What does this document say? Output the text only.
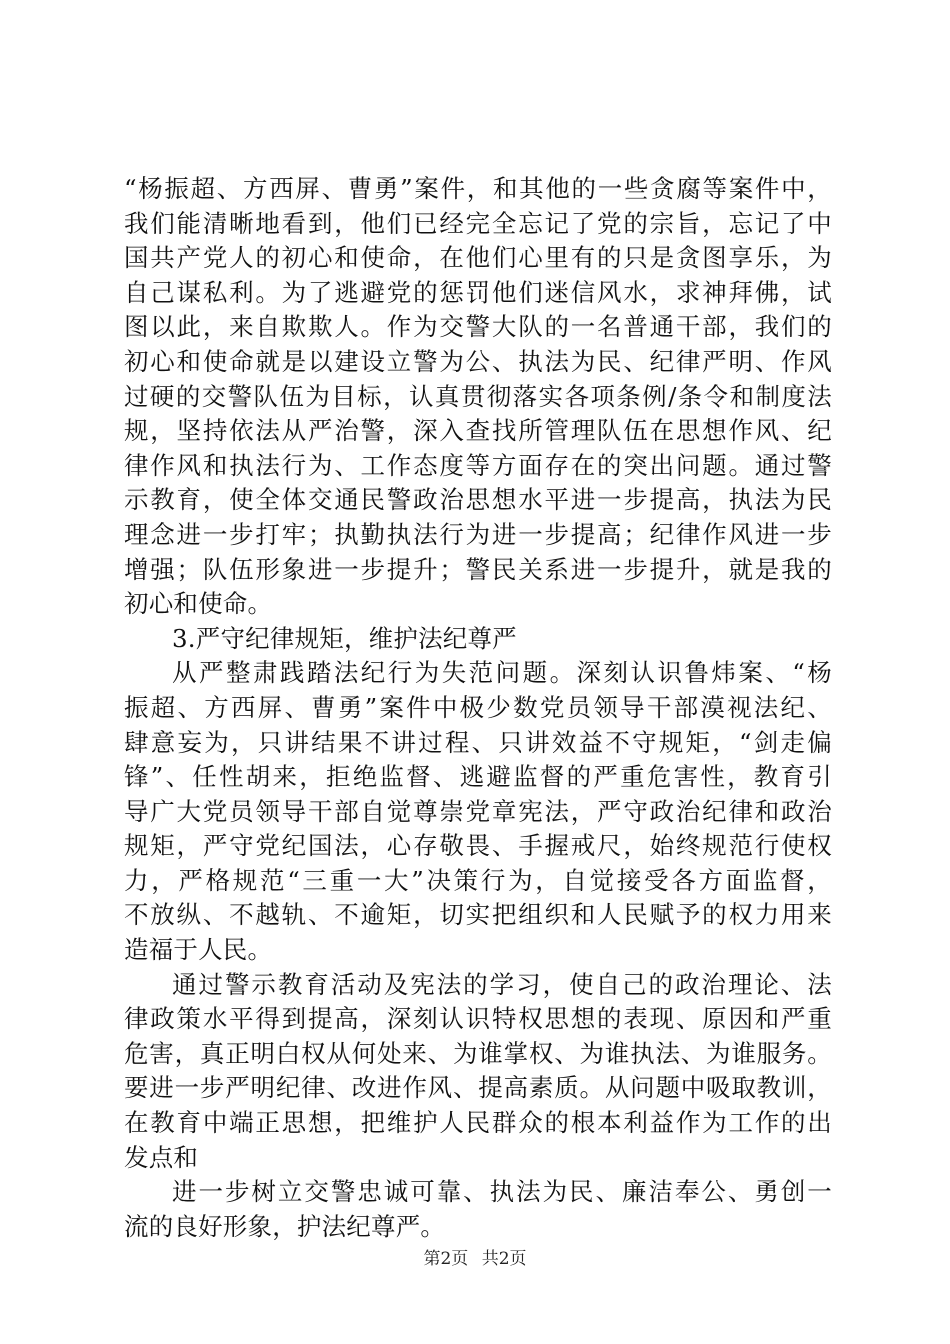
“杨振超、方西屏、曹勇”案件，和其他的一些贪腐等案件中，
我们能清晰地看到，他们已经完全忘记了党的宗旨，忘记了中
国共产党人的初心和使命，在他们心里有的只是贪图享乐，为
自己谋私利。为了逃避党的惩罚他们迷信风水，求神拜佛，试
图以此，来自欺欺人。作为交警大队的一名普通干部，我们的
初心和使命就是以建设立警为公、执法为民、纪律严明、作风
过硬的交警队伍为目标，认真贯彻落实各项条例/条令和制度法
规，坚持依法从严治警，深入查找所管理队伍在思想作风、纪
律作风和执法行为、工作态度等方面存在的突出问题。通过警
示教育，使全体交通民警政治思想水平进一步提高，执法为民
理念进一步打牢；执勤执法行为进一步提高；纪律作风进一步
增强；队伍形象进一步提升；警民关系进一步提升，就是我的
初心和使命。
3.严守纪律规矩，维护法纪尊严
从严整肃践踏法纪行为失范问题。深刻认识鲁炜案、“杨
振超、方西屏、曹勇”案件中极少数党员领导干部漠视法纪、
肆意妄为，只讲结果不讲过程、只讲效益不守规矩，“剑走偏
锋”、任性胡来，拒绝监督、逃避监督的严重危害性，教育引
导广大党员领导干部自觉尊崇党章宪法，严守政治纪律和政治
规矩，严守党纪国法，心存敬畏、手握戒尺，始终规范行使权
力，严格规范“三重一大”决策行为，自觉接受各方面监督，
不放纵、不越轨、不逾矩，切实把组织和人民赋予的权力用来
造福于人民。
通过警示教育活动及宪法的学习，使自己的政治理论、法
律政策水平得到提高，深刻认识特权思想的表现、原因和严重
危害，真正明白权从何处来、为谁掌权、为谁执法、为谁服务。
要进一步严明纪律、改进作风、提高素质。从问题中吸取教训，
在教育中端正思想，把维护人民群众的根本利益作为工作的出
发点和
进一步树立交警忠诚可靠、执法为民、廉洁奉公、勇创一
流的良好形象，护法纪尊严。
第2页 共2页
